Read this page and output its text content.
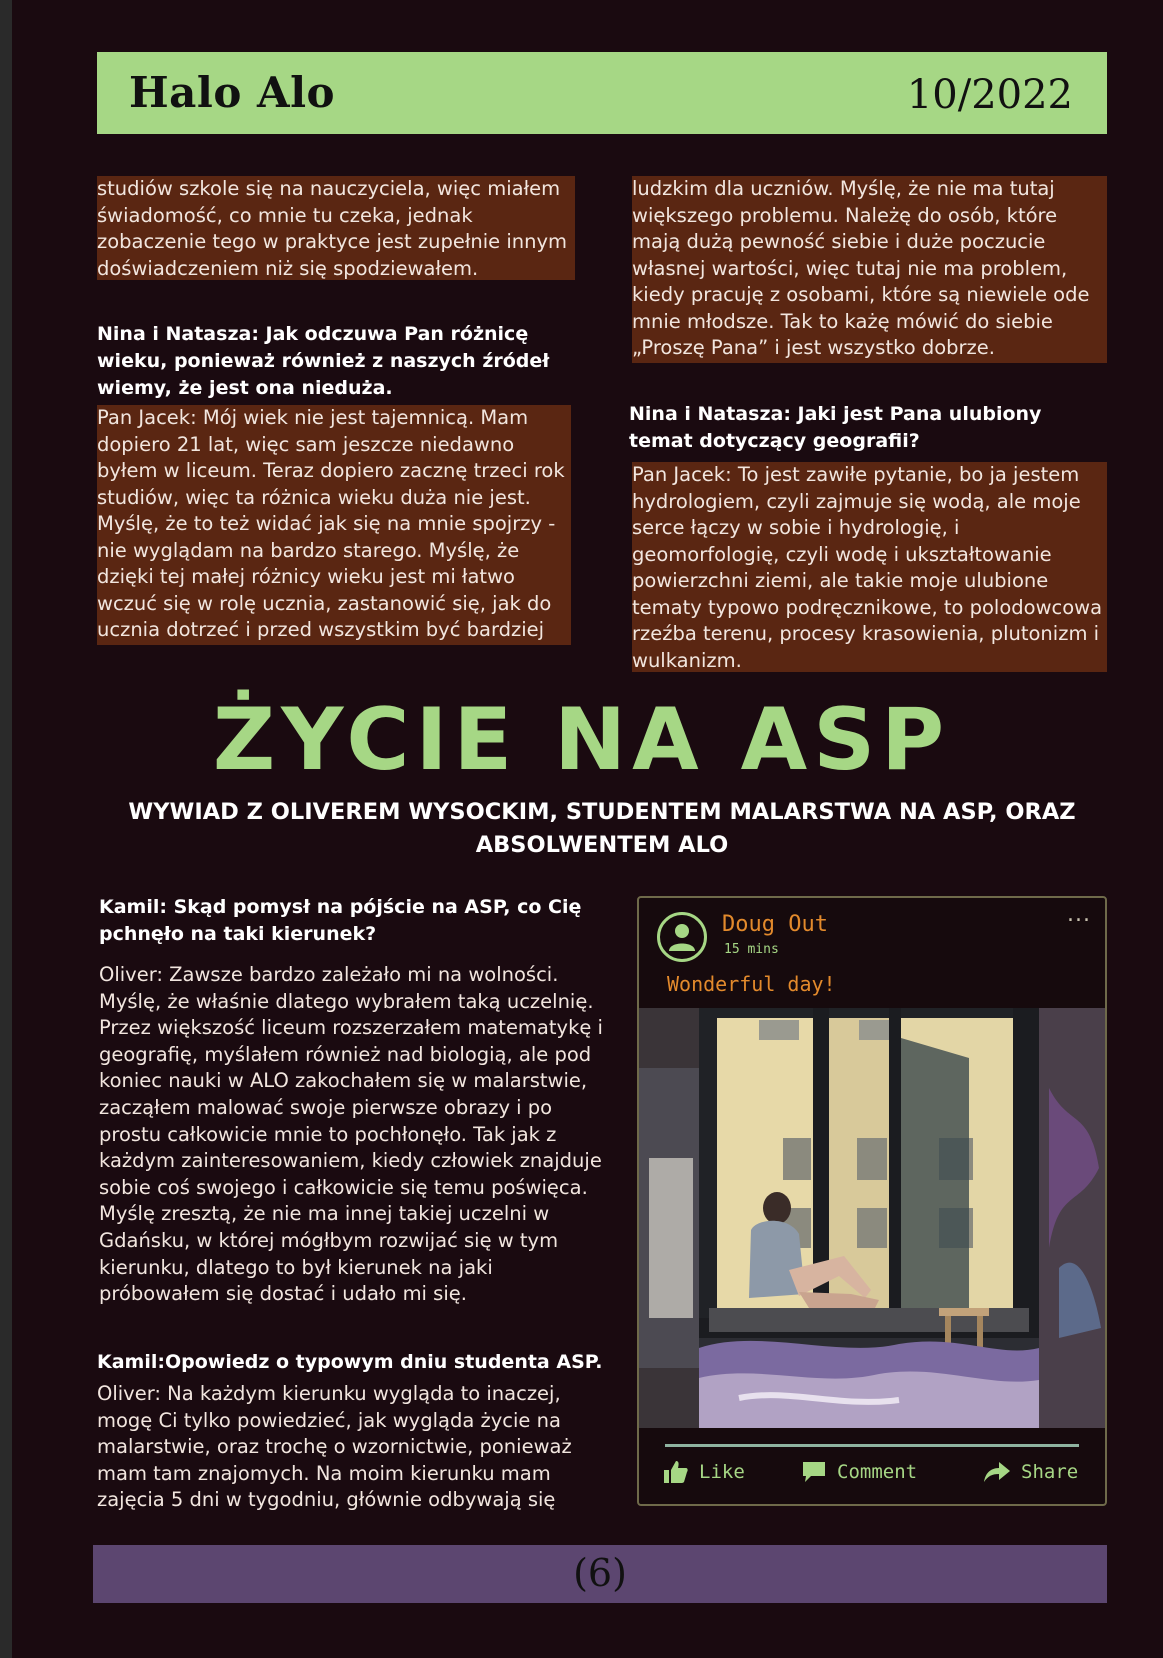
Halo Alo	10/2022
studiów szkole się na nauczyciela, więc miałem
świadomość, co mnie tu czeka, jednak
zobaczenie tego w praktyce jest zupełnie innym
doświadczeniem niż się spodziewałem.
Nina i Natasza: Jak odczuwa Pan różnicę wieku, ponieważ również z naszych źródeł wiemy, że jest ona nieduża.
Pan Jacek: Mój wiek nie jest tajemnicą. Mam
dopiero 21 lat, więc sam jeszcze niedawno
byłem w liceum. Teraz dopiero zacznę trzeci rok
studiów, więc ta różnica wieku duża nie jest.
Myślę, że to też widać jak się na mnie spojrzy -
nie wyglądam na bardzo starego. Myślę, że
dzięki tej małej różnicy wieku jest mi łatwo
wczuć się w rolę ucznia, zastanowić się, jak do
ucznia dotrzeć i przed wszystkim być bardziej
ludzkim dla uczniów. Myślę, że nie ma tutaj
większego problemu. Należę do osób, które
mają dużą pewność siebie i duże poczucie
własnej wartości, więc tutaj nie ma problem,
kiedy pracuję z osobami, które są niewiele ode
mnie młodsze. Tak to każę mówić do siebie
„Proszę Pana” i jest wszystko dobrze.
Nina i Natasza: Jaki jest Pana ulubiony temat dotyczący geografii?
Pan Jacek: To jest zawiłe pytanie, bo ja jestem
hydrologiem, czyli zajmuje się wodą, ale moje
serce łączy w sobie i hydrologię, i
geomorfologię, czyli wodę i ukształtowanie
powierzchni ziemi, ale takie moje ulubione
tematy typowo podręcznikowe, to polodowcowa
rzeźba terenu, procesy krasowienia, plutonizm i
wulkanizm.
ŻYCIE NA ASP
WYWIAD Z OLIVEREM WYSOCKIM, STUDENTEM MALARSTWA NA ASP, ORAZ ABSOLWENTEM ALO
Kamil: Skąd pomysł na pójście na ASP, co Cię pchnęło na taki kierunek?
Oliver: Zawsze bardzo zależało mi na wolności.
Myślę, że właśnie dlatego wybrałem taką uczelnię.
Przez większość liceum rozszerzałem matematykę i
geografię, myślałem również nad biologią, ale pod
koniec nauki w ALO zakochałem się w malarstwie,
zacząłem malować swoje pierwsze obrazy i po
prostu całkowicie mnie to pochłonęło. Tak jak z
każdym zainteresowaniem, kiedy człowiek znajduje
sobie coś swojego i całkowicie się temu poświęca.
Myślę zresztą, że nie ma innej takiej uczelni w
Gdańsku, w której mógłbym rozwijać się w tym
kierunku, dlatego to był kierunek na jaki
próbowałem się dostać i udało mi się.
Kamil:Opowiedz o typowym dniu studenta ASP.
Oliver: Na każdym kierunku wygląda to inaczej,
mogę Ci tylko powiedzieć, jak wygląda życie na
malarstwie, oraz trochę o wzornictwie, ponieważ
mam tam znajomych. Na moim kierunku mam
zajęcia 5 dni w tygodniu, głównie odbywają się
Doug Out
15 mins
...
Wonderful day!
Like	Comment	Share
(6)
